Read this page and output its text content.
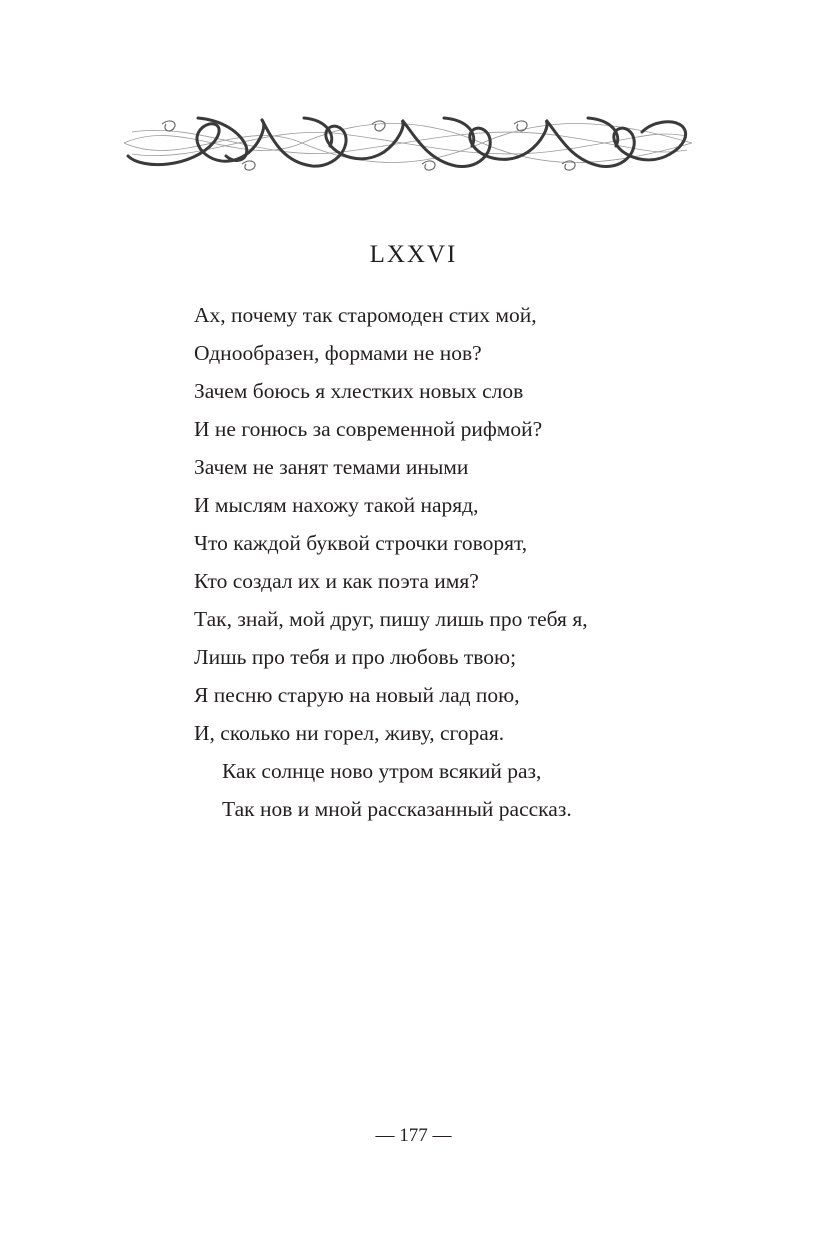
LXXVI
Ах, почему так старомоден стих мой,
Однообразен, формами не нов?
Зачем боюсь я хлестких новых слов
И не гонюсь за современной рифмой?
Зачем не занят темами иными
И мыслям нахожу такой наряд,
Что каждой буквой строчки говорят,
Кто создал их и как поэта имя?
Так, знай, мой друг, пишу лишь про тебя я,
Лишь про тебя и про любовь твою;
Я песню старую на новый лад пою,
И, сколько ни горел, живу, сгорая.
Как солнце ново утром всякий раз,
Так нов и мной рассказанный рассказ.
— 177 —
